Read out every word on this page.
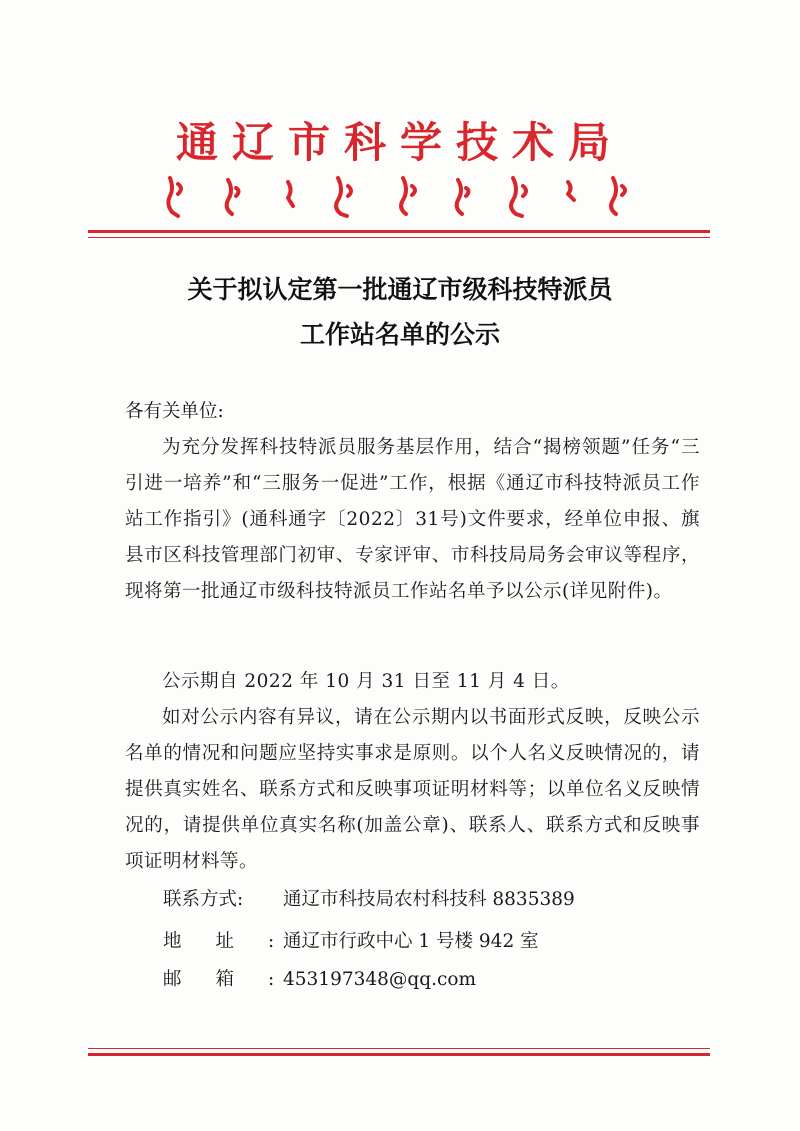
通辽市科学技术局
关于拟认定第一批通辽市级科技特派员
工作站名单的公示
各有关单位:

为充分发挥科技特派员服务基层作用，结合“揭榜领题”任务“三引进一培养”和“三服务一促进”工作，根据《通辽市科技特派员工作站工作指引》(通科通字〔2022〕31号)文件要求，经单位申报、旗县市区科技管理部门初审、专家评审、市科技局局务会审议等程序，现将第一批通辽市级科技特派员工作站名单予以公示(详见附件)。

公示期自 2022 年 10 月 31 日至 11 月 4 日。

如对公示内容有异议，请在公示期内以书面形式反映，反映公示名单的情况和问题应坚持实事求是原则。以个人名义反映情况的，请提供真实姓名、联系方式和反映事项证明材料等；以单位名义反映情况的，请提供单位真实名称(加盖公章)、联系人、联系方式和反映事项证明材料等。

联系方式: 通辽市科技局农村科技科 8835389
地址:通辽市行政中心 1 号楼 942 室
邮箱:453197348@qq.com
